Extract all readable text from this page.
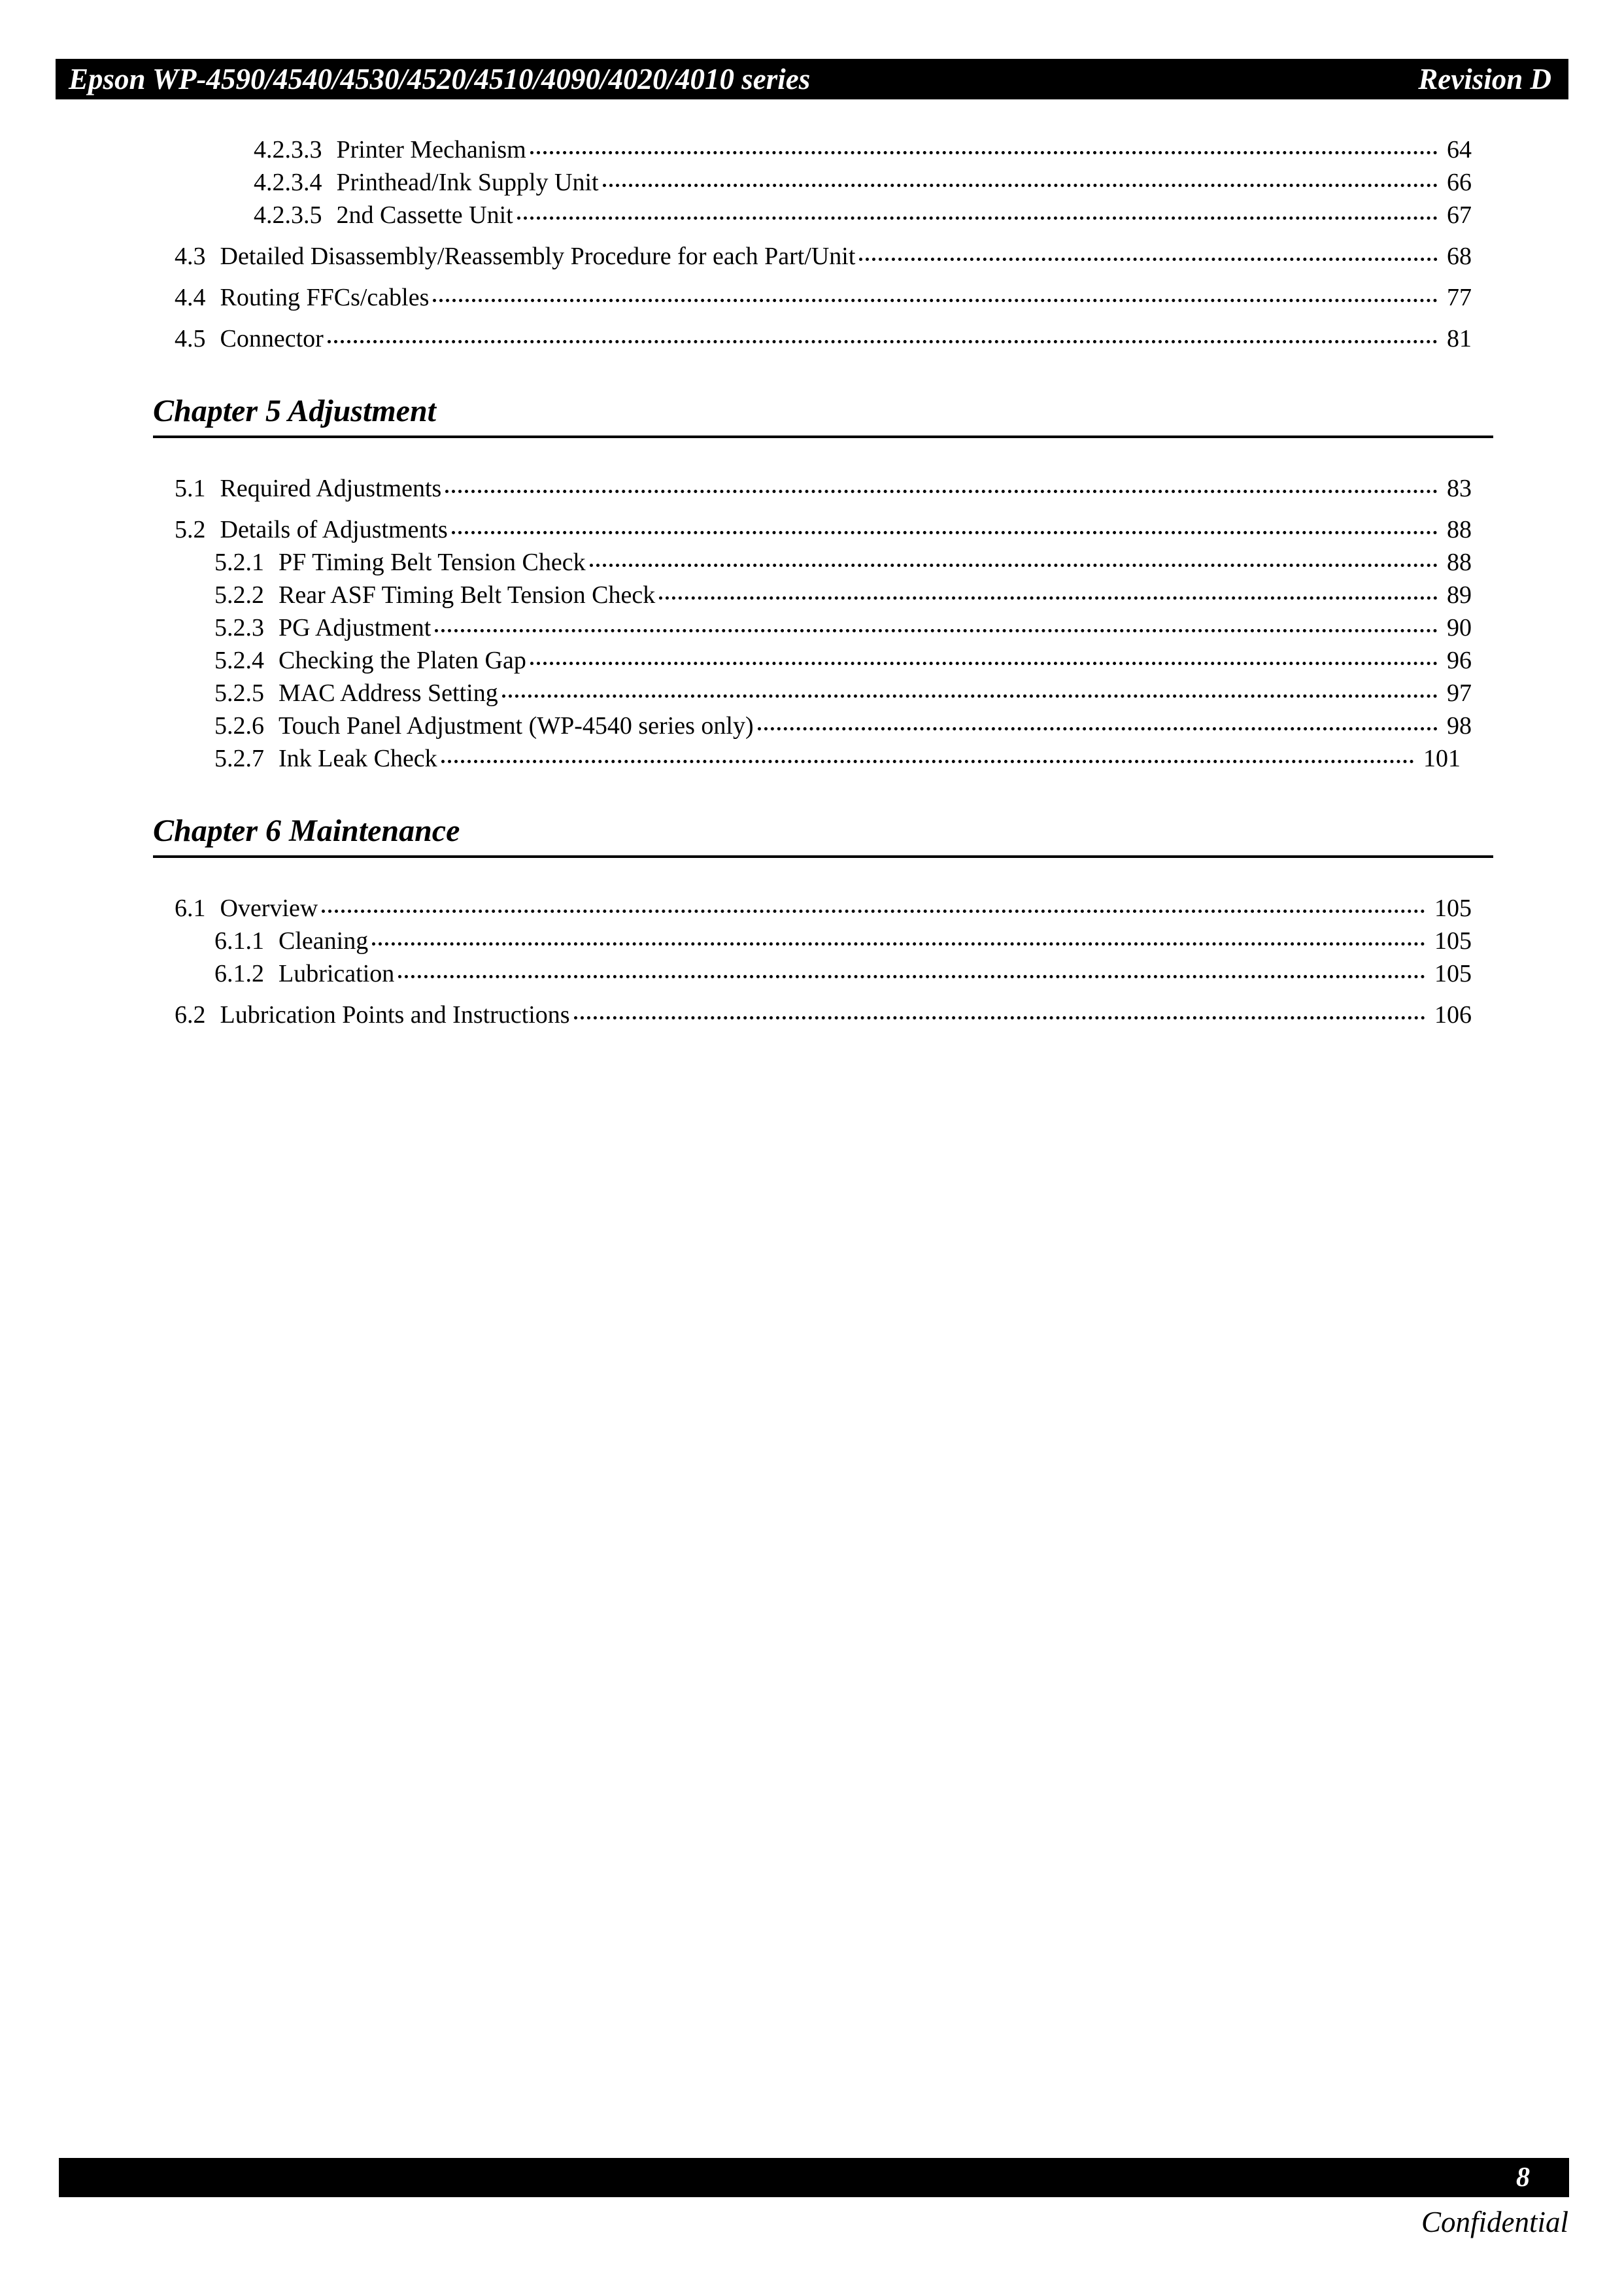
Epson WP-4590/4540/4530/4520/4510/4090/4020/4010 series	Revision D
4.2.3.3 Printer Mechanism	64
4.2.3.4 Printhead/Ink Supply Unit	66
4.2.3.5 2nd Cassette Unit	67
4.3 Detailed Disassembly/Reassembly Procedure for each Part/Unit	68
4.4 Routing FFCs/cables	77
4.5 Connector	81
Chapter 5 Adjustment
5.1 Required Adjustments	83
5.2 Details of Adjustments	88
5.2.1 PF Timing Belt Tension Check	88
5.2.2 Rear ASF Timing Belt Tension Check	89
5.2.3 PG Adjustment	90
5.2.4 Checking the Platen Gap	96
5.2.5 MAC Address Setting	97
5.2.6 Touch Panel Adjustment (WP-4540 series only)	98
5.2.7 Ink Leak Check	101
Chapter 6 Maintenance
6.1 Overview	105
6.1.1 Cleaning	105
6.1.2 Lubrication	105
6.2 Lubrication Points and Instructions	106
8
Confidential
